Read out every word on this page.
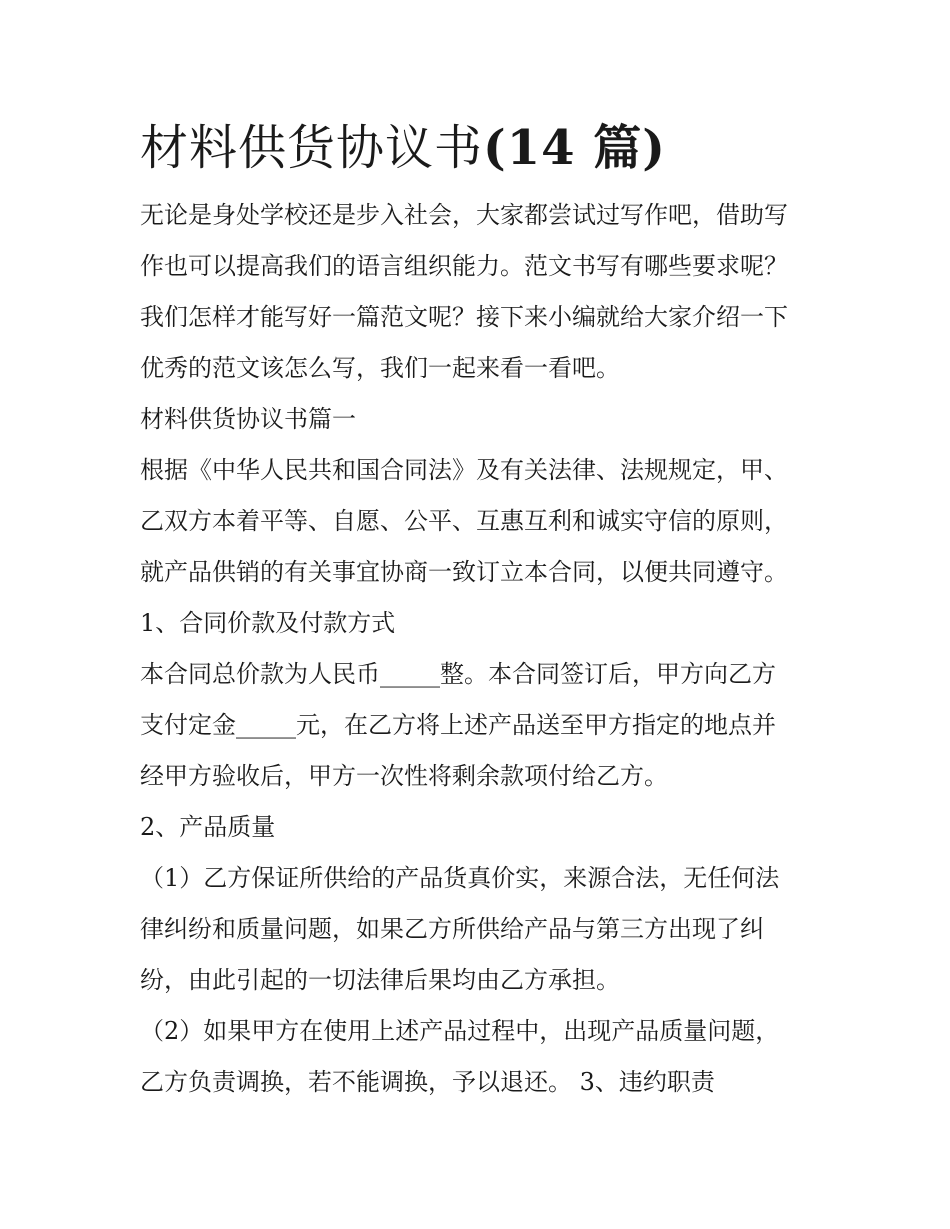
材料供货协议书(14 篇)

无论是身处学校还是步入社会，大家都尝试过写作吧，借助写

作也可以提高我们的语言组织能力。范文书写有哪些要求呢？

我们怎样才能写好一篇范文呢？接下来小编就给大家介绍一下

优秀的范文该怎么写，我们一起来看一看吧。

材料供货协议书篇一

根据《中华人民共和国合同法》及有关法律、法规规定，甲、

乙双方本着平等、自愿、公平、互惠互利和诚实守信的原则，

就产品供销的有关事宜协商一致订立本合同，以便共同遵守。

1、合同价款及付款方式

本合同总价款为人民币_____整。本合同签订后，甲方向乙方

支付定金_____元，在乙方将上述产品送至甲方指定的地点并

经甲方验收后，甲方一次性将剩余款项付给乙方。

2、产品质量

（1）乙方保证所供给的产品货真价实，来源合法，无任何法

律纠纷和质量问题，如果乙方所供给产品与第三方出现了纠

纷，由此引起的一切法律后果均由乙方承担。

（2）如果甲方在使用上述产品过程中，出现产品质量问题，

乙方负责调换，若不能调换，予以退还。 3、违约职责
